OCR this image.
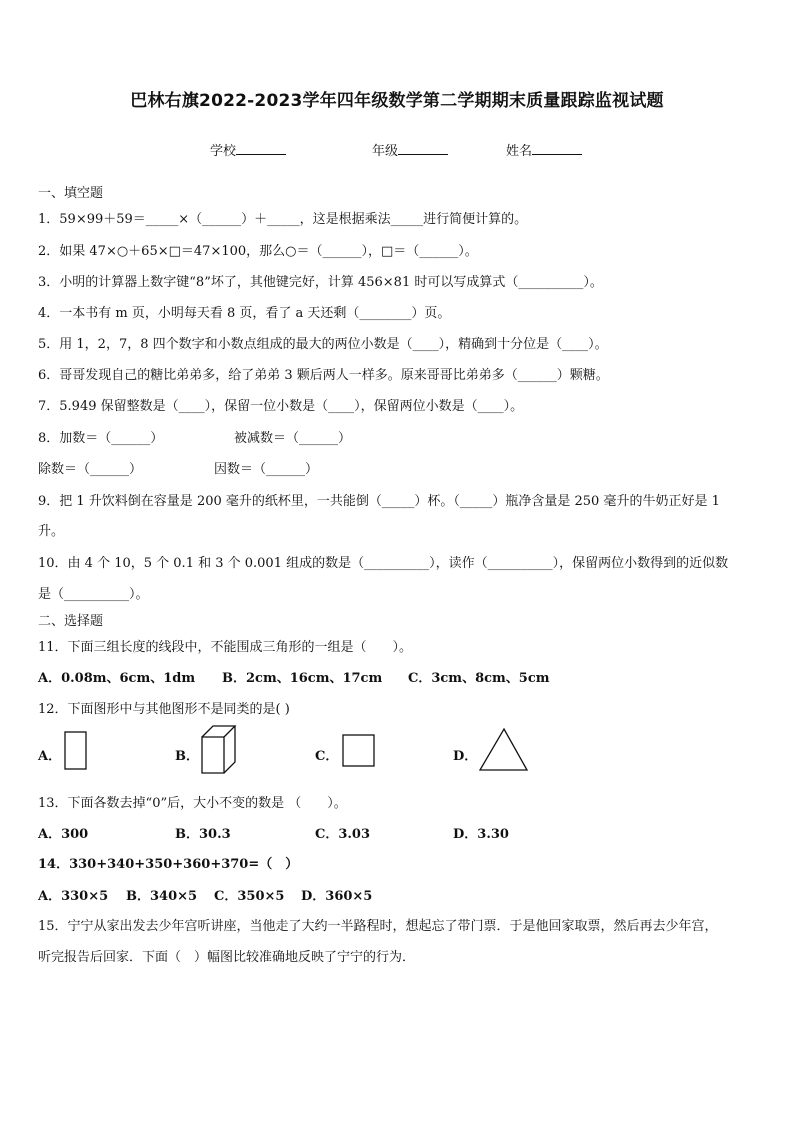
巴林右旗2022-2023学年四年级数学第二学期期末质量跟踪监视试题
学校	年级	姓名
一、填空题
1．59×99＋59＝_____×（______）＋_____，这是根据乘法_____进行简便计算的。
2．如果 47×○＋65×□＝47×100，那么○＝（______），□＝（______）。
3．小明的计算器上数字键“8”坏了，其他键完好，计算 456×81 时可以写成算式（__________）。
4．一本书有 m 页，小明每天看 8 页，看了 a 天还剩（________）页。
5．用 1，2，7，8 四个数字和小数点组成的最大的两位小数是（____），精确到十分位是（____）。
6．哥哥发现自己的糖比弟弟多，给了弟弟 3 颗后两人一样多。原来哥哥比弟弟多（______）颗糖。
7．5.949 保留整数是（____），保留一位小数是（____），保留两位小数是（____）。
8．加数＝（______）	被减数＝（______）
除数＝（______）	因数＝（______）
9．把 1 升饮料倒在容量是 200 毫升的纸杯里，一共能倒（_____）杯。（_____）瓶净含量是 250 毫升的牛奶正好是 1
升。
10．由 4 个 10，5 个 0.1 和 3 个 0.001 组成的数是（__________），读作（__________），保留两位小数得到的近似数
是（__________）。
二、选择题
11．下面三组长度的线段中，不能围成三角形的一组是（　　）。
A．0.08m、6cm、1dm B．2cm、16cm、17cm C．3cm、8cm、5cm
12．下面图形中与其他图形不是同类的是( )
A．	B．	C．	D．
13．下面各数去掉“0”后，大小不变的数是 （　　）。
A．300	B．30.3	C．3.03	D．3.30
14．330+340+350+360+370=（　）
A．330×5 B．340×5 C．350×5 D．360×5
15．宁宁从家出发去少年宫听讲座，当他走了大约一半路程时，想起忘了带门票．于是他回家取票，然后再去少年宫，
听完报告后回家．下面（　）幅图比较准确地反映了宁宁的行为．
